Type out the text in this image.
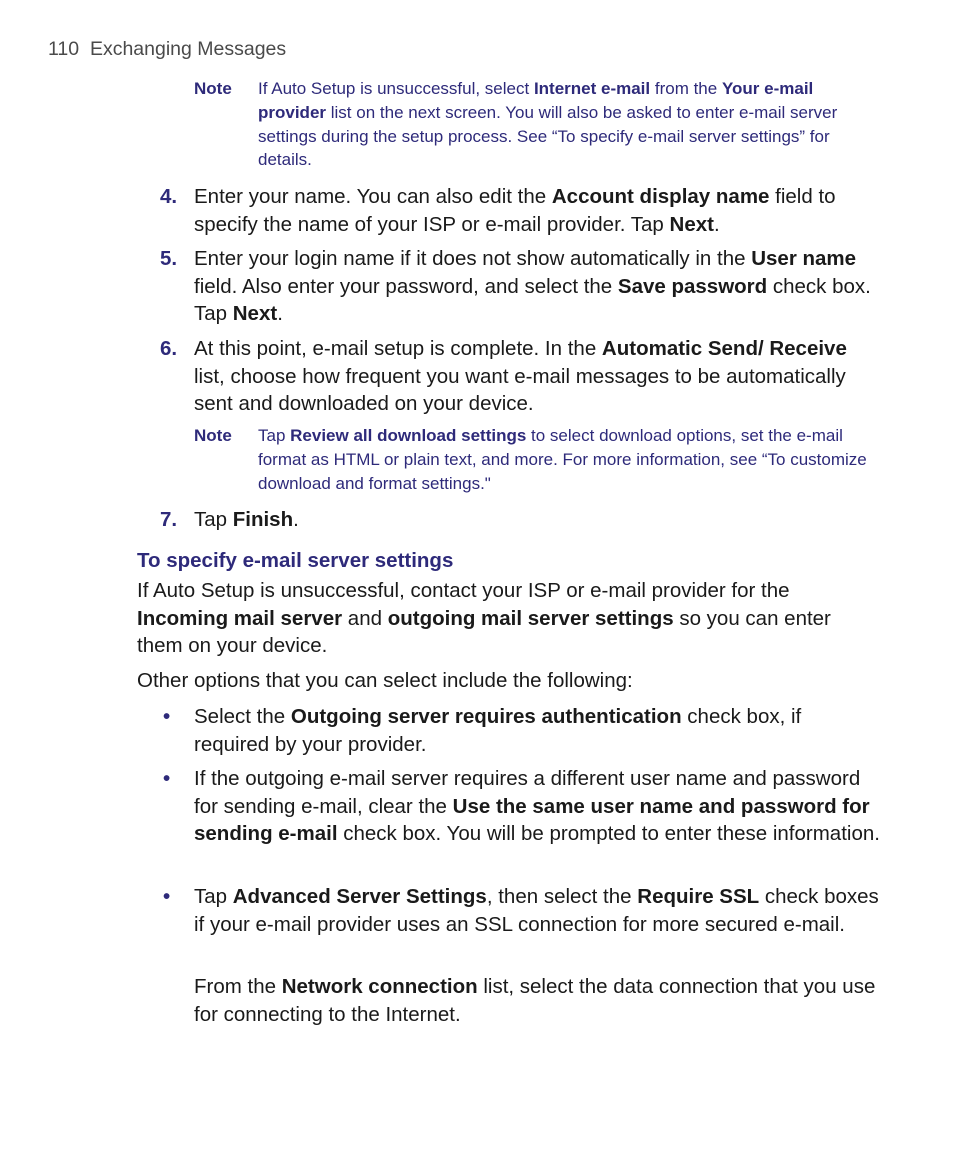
110 Exchanging Messages
Note If Auto Setup is unsuccessful, select Internet e-mail from the Your e-mail provider list on the next screen. You will also be asked to enter e-mail server settings during the setup process. See “To specify e-mail server settings” for details.
4. Enter your name. You can also edit the Account display name field to specify the name of your ISP or e-mail provider. Tap Next.
5. Enter your login name if it does not show automatically in the User name field. Also enter your password, and select the Save password check box. Tap Next.
6. At this point, e-mail setup is complete. In the Automatic Send/ Receive list, choose how frequent you want e-mail messages to be automatically sent and downloaded on your device.
Note Tap Review all download settings to select download options, set the e-mail format as HTML or plain text, and more. For more information, see “To customize download and format settings."
7. Tap Finish.
To specify e-mail server settings
If Auto Setup is unsuccessful, contact your ISP or e-mail provider for the Incoming mail server and outgoing mail server settings so you can enter them on your device.
Other options that you can select include the following:
• Select the Outgoing server requires authentication check box, if required by your provider.
• If the outgoing e-mail server requires a different user name and password for sending e-mail, clear the Use the same user name and password for sending e-mail check box. You will be prompted to enter these information.
• Tap Advanced Server Settings, then select the Require SSL check boxes if your e-mail provider uses an SSL connection for more secured e-mail.
From the Network connection list, select the data connection that you use for connecting to the Internet.
